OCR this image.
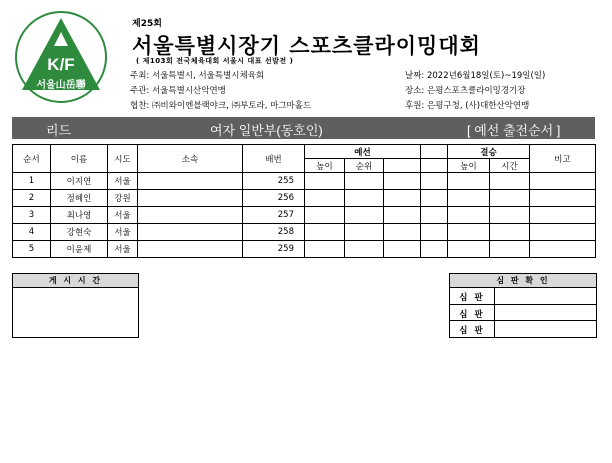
K/F
서울山岳聯
제25회
서울특별시장기 스포츠클라이밍대회
( 제103회 전국체육대회 서울시 대표 선발전 )
주최: 서울특별시, 서울특별시체육회
주관: 서울특별시산악연맹
협찬: ㈜비와이엔블랙야크, ㈜부토라, 마그마홀드
날짜: 2022년6월18일(토)~19일(일)
장소: 은평스포츠클라이밍경기장
후원: 은평구청, (사)대한산악연맹
리드	여자 일반부(동호인)	[ 예선 출전순서 ]
순서	이름	시도	소속	배번	예선				결승		비고
					높이	순위			높이	시간	
1	이지연	서울		255							
2	정혜인	강원		256							
3	최나영	서울		257							
4	강현숙	서울		258							
5	이윤제	서울		259							
게 시 시 간	심 판 확 인
심 판
심 판
심 판
